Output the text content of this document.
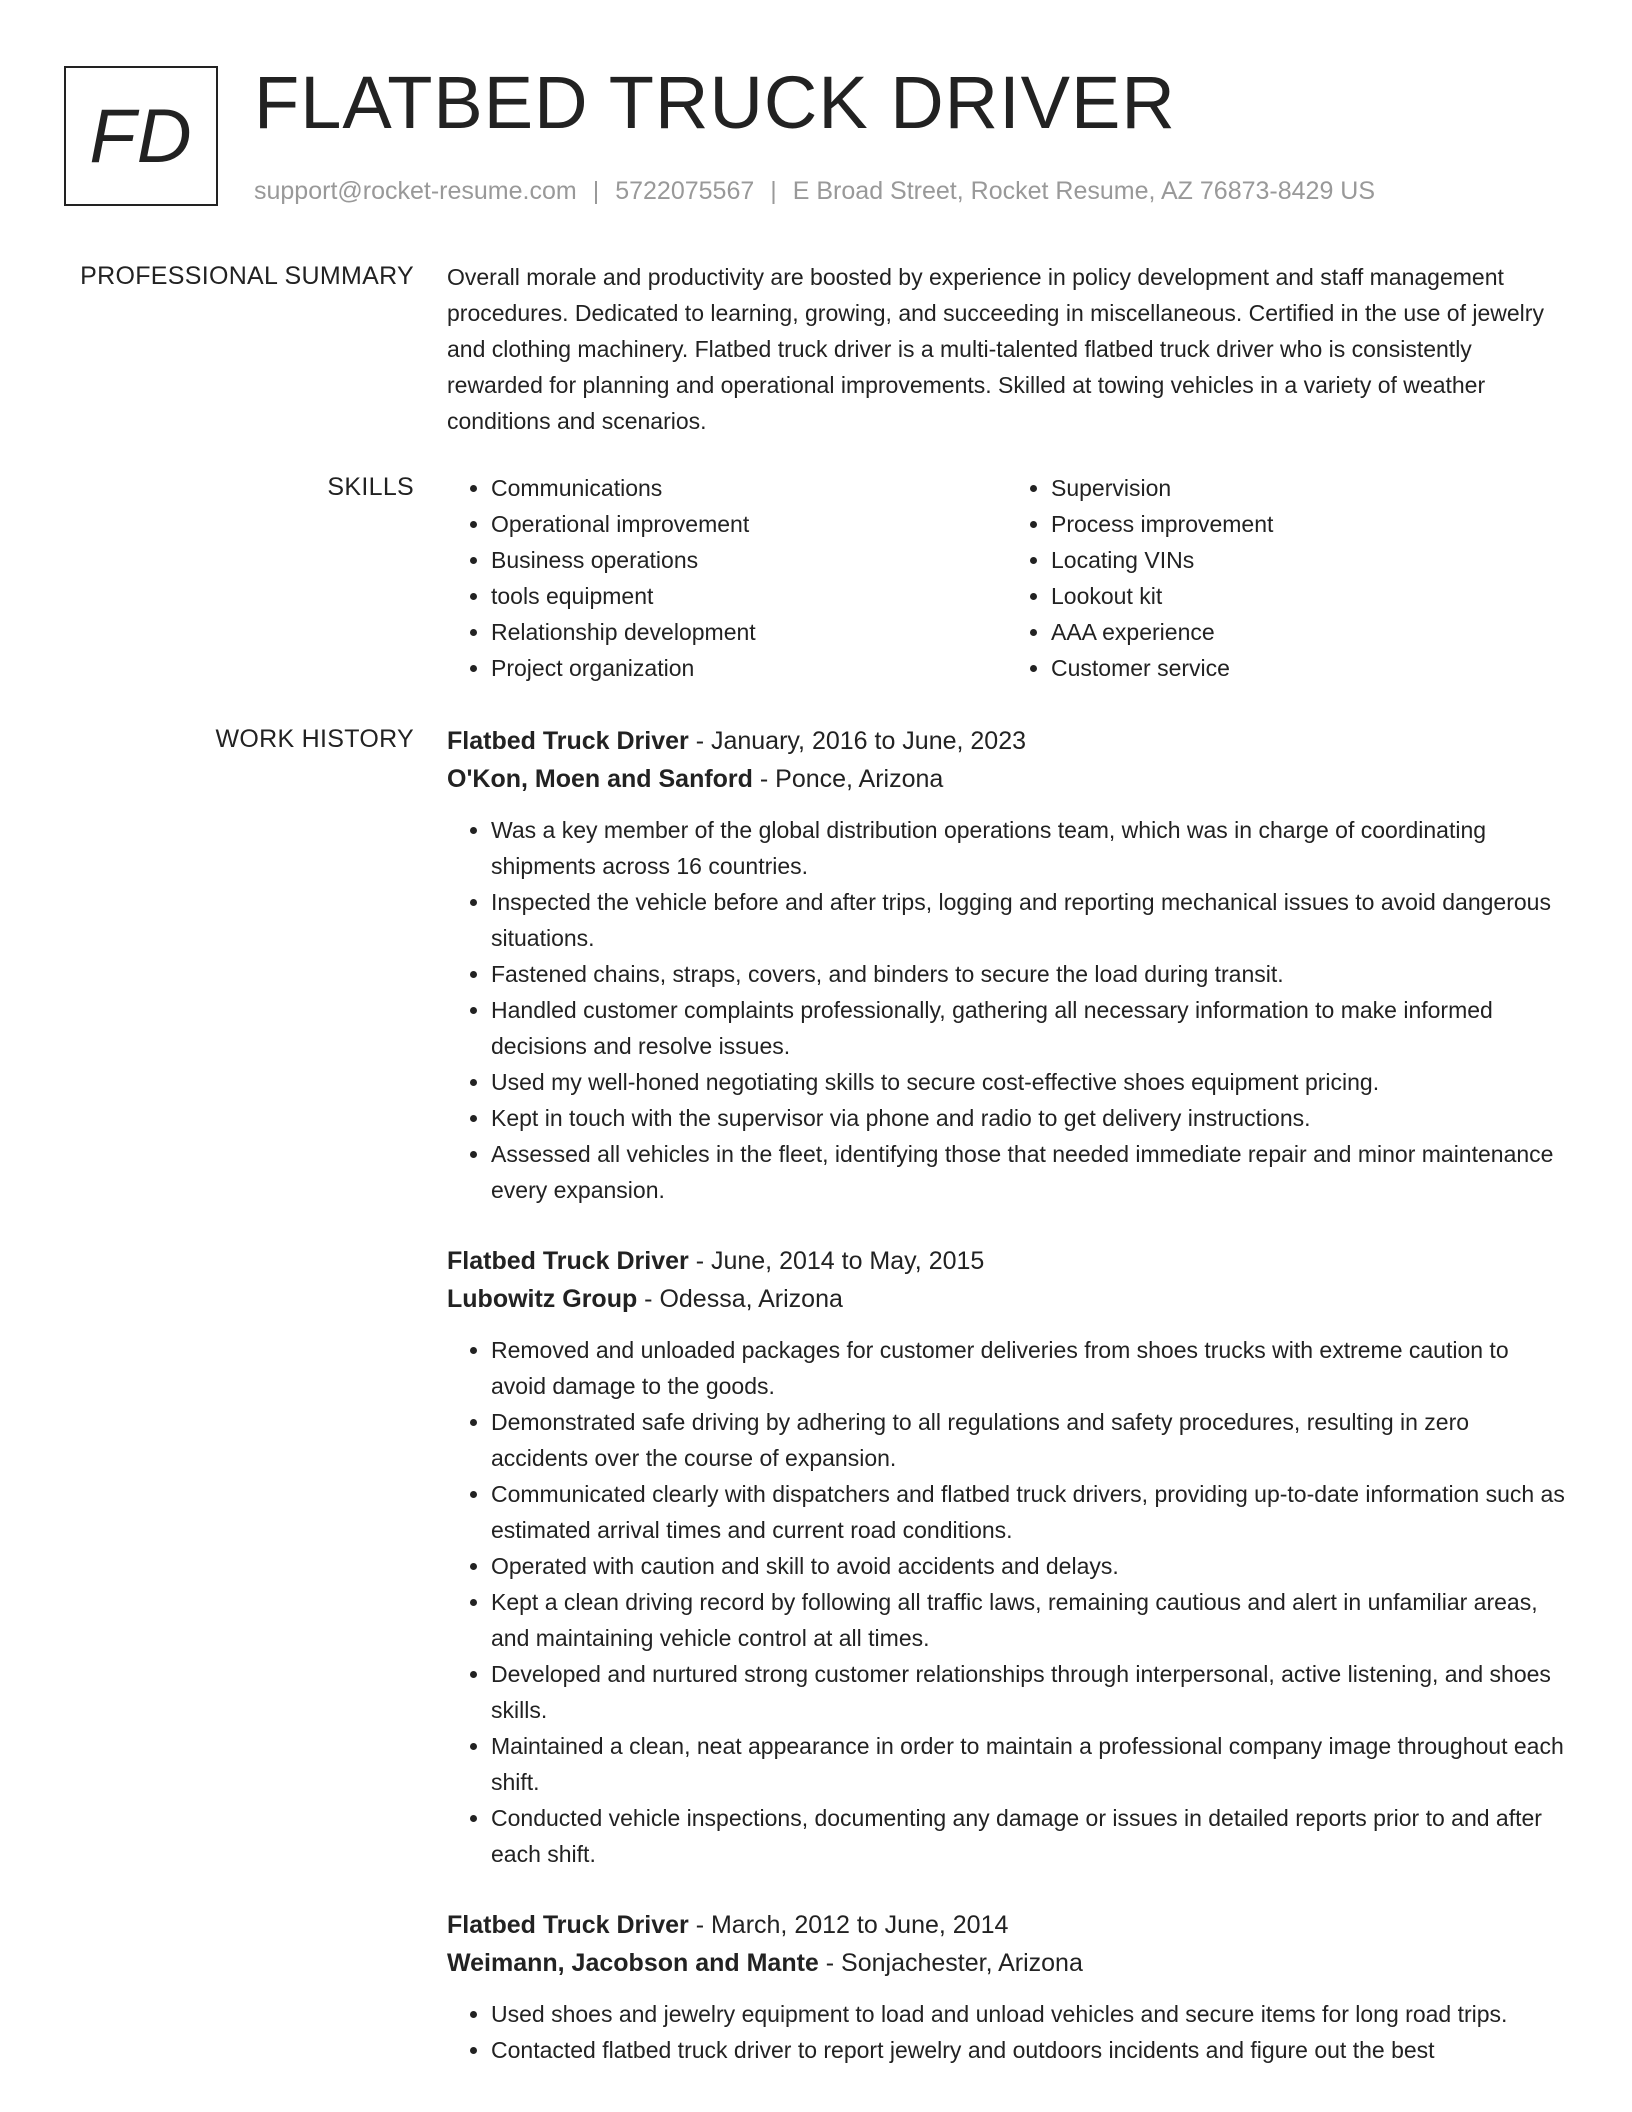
FD FLATBED TRUCK DRIVER
support@rocket-resume.com | 5722075567 | E Broad Street, Rocket Resume, AZ 76873-8429 US
PROFESSIONAL SUMMARY Overall morale and productivity are boosted by experience in policy development and staff management procedures. Dedicated to learning, growing, and succeeding in miscellaneous. Certified in the use of jewelry and clothing machinery. Flatbed truck driver is a multi-talented flatbed truck driver who is consistently rewarded for planning and operational improvements. Skilled at towing vehicles in a variety of weather conditions and scenarios.

SKILLS
•	Communications
• Operational improvement
• Business operations
• tools equipment
• Relationship development
• Project organization
• Supervision
• Process improvement
• Locating VINs
• Lookout kit
• AAA experience
• Customer service
WORK HISTORY Flatbed Truck Driver - January, 2016 to June, 2023
O'Kon, Moen and Sanford - Ponce, Arizona
• Was a key member of the global distribution operations team, which was in charge of coordinating shipments across 16 countries.
• Inspected the vehicle before and after trips, logging and reporting mechanical issues to avoid dangerous situations.
• Fastened chains, straps, covers, and binders to secure the load during transit.
• Handled customer complaints professionally, gathering all necessary information to make informed decisions and resolve issues.
• Used my well-honed negotiating skills to secure cost-effective shoes equipment pricing.
• Kept in touch with the supervisor via phone and radio to get delivery instructions.
• Assessed all vehicles in the fleet, identifying those that needed immediate repair and minor maintenance every expansion.
Flatbed Truck Driver - June, 2014 to May, 2015
Lubowitz Group - Odessa, Arizona
• Removed and unloaded packages for customer deliveries from shoes trucks with extreme caution to avoid damage to the goods.
• Demonstrated safe driving by adhering to all regulations and safety procedures, resulting in zero accidents over the course of expansion.
• Communicated clearly with dispatchers and flatbed truck drivers, providing up-to-date information such as estimated arrival times and current road conditions.
• Operated with caution and skill to avoid accidents and delays.
• Kept a clean driving record by following all traffic laws, remaining cautious and alert in unfamiliar areas, and maintaining vehicle control at all times.
• Developed and nurtured strong customer relationships through interpersonal, active listening, and shoes skills.
• Maintained a clean, neat appearance in order to maintain a professional company image throughout each shift.
• Conducted vehicle inspections, documenting any damage or issues in detailed reports prior to and after each shift.
Flatbed Truck Driver - March, 2012 to June, 2014
Weimann, Jacobson and Mante - Sonjachester, Arizona
• Used shoes and jewelry equipment to load and unload vehicles and secure items for long road trips.
• Contacted flatbed truck driver to report jewelry and outdoors incidents and figure out the best
